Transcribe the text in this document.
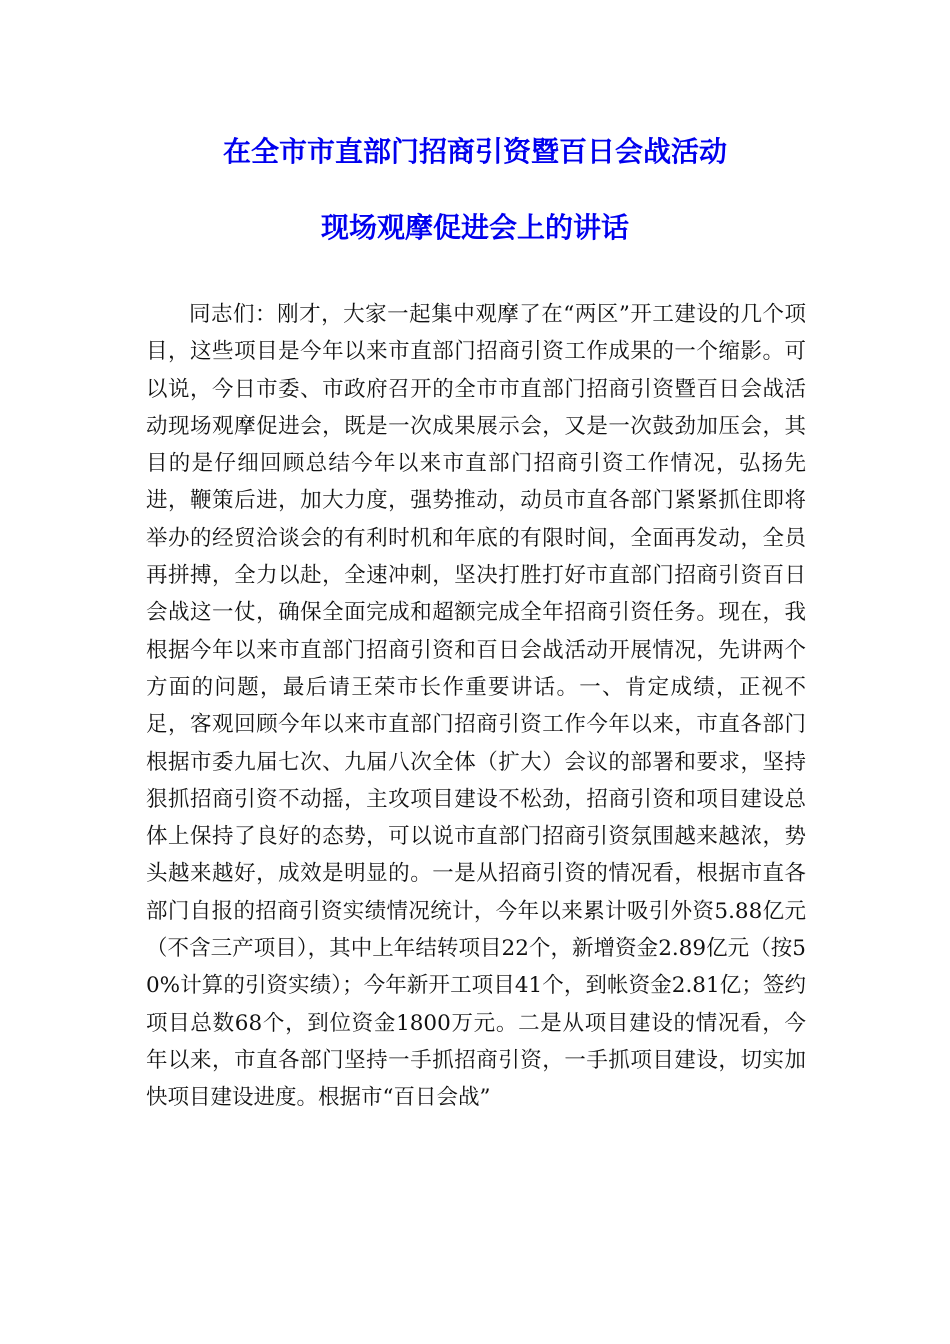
在全市市直部门招商引资暨百日会战活动
现场观摩促进会上的讲话

同志们：刚才，大家一起集中观摩了在“两区”开工建设的几个项目，这些项目是今年以来市直部门招商引资工作成果的一个缩影。可以说，今日市委、市政府召开的全市市直部门招商引资暨百日会战活动现场观摩促进会，既是一次成果展示会，又是一次鼓劲加压会，其目的是仔细回顾总结今年以来市直部门招商引资工作情况，弘扬先进，鞭策后进，加大力度，强势推动，动员市直各部门紧紧抓住即将举办的经贸洽谈会的有利时机和年底的有限时间，全面再发动，全员再拼搏，全力以赴，全速冲刺，坚决打胜打好市直部门招商引资百日会战这一仗，确保全面完成和超额完成全年招商引资任务。现在，我根据今年以来市直部门招商引资和百日会战活动开展情况，先讲两个方面的问题，最后请王荣市长作重要讲话。一、肯定成绩，正视不足，客观回顾今年以来市直部门招商引资工作今年以来，市直各部门根据市委九届七次、九届八次全体（扩大）会议的部署和要求，坚持狠抓招商引资不动摇，主攻项目建设不松劲，招商引资和项目建设总体上保持了良好的态势，可以说市直部门招商引资氛围越来越浓，势头越来越好，成效是明显的。一是从招商引资的情况看，根据市直各部门自报的招商引资实绩情况统计，今年以来累计吸引外资5.88亿元（不含三产项目），其中上年结转项目22个，新增资金2.89亿元（按50%计算的引资实绩）；今年新开工项目41个，到帐资金2.81亿；签约项目总数68个，到位资金1800万元。二是从项目建设的情况看，今年以来，市直各部门坚持一手抓招商引资，一手抓项目建设，切实加快项目建设进度。根据市“百日会战”
